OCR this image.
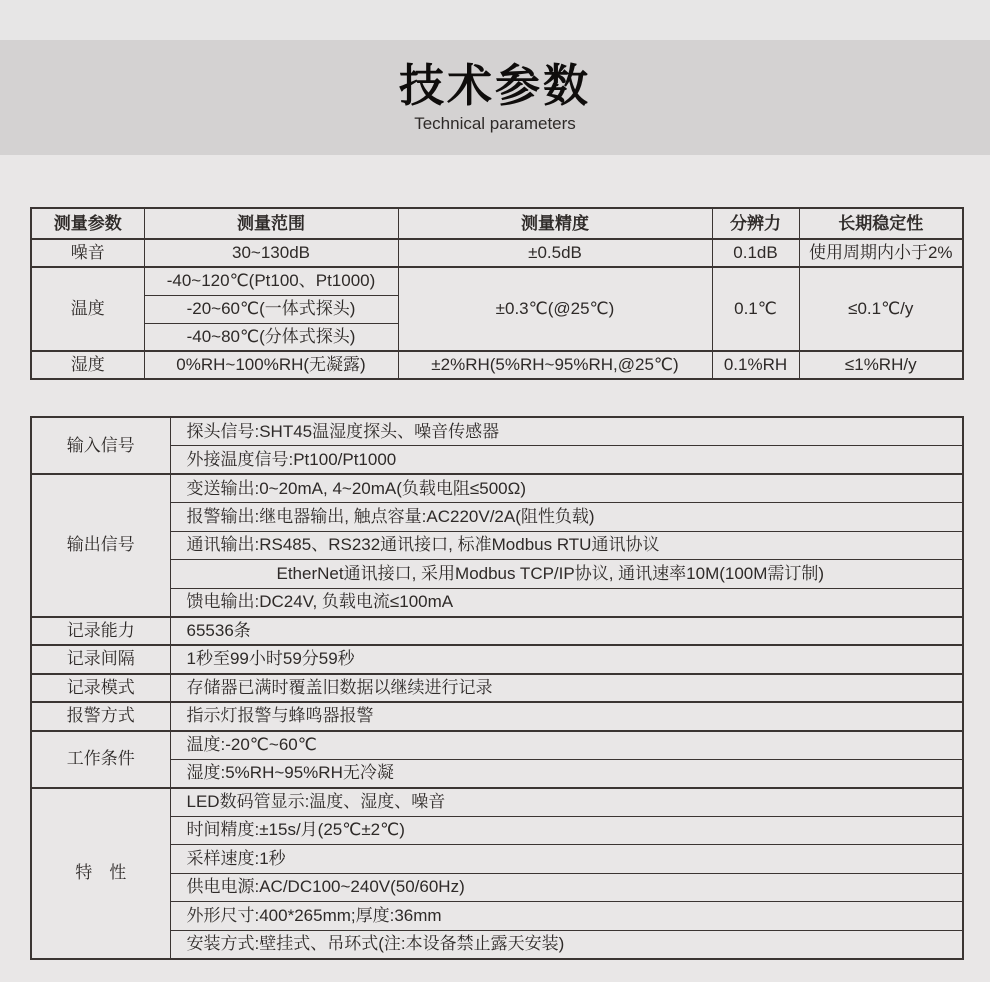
技术参数
Technical parameters
测量参数	测量范围	测量精度	分辨力	长期稳定性
噪音	30~130dB	±0.5dB	0.1dB	使用周期内小于2%
温度	-40~120℃(Pt100、Pt1000)	±0.3℃(@25℃)	0.1℃	≤0.1℃/y
	-20~60℃(一体式探头)			
	-40~80℃(分体式探头)			
湿度	0%RH~100%RH(无凝露)	±2%RH(5%RH~95%RH,@25℃)	0.1%RH	≤1%RH/y
输入信号	探头信号:SHT45温湿度探头、噪音传感器
	外接温度信号:Pt100/Pt1000
输出信号	变送输出:0~20mA, 4~20mA(负载电阻≤500Ω)
	报警输出:继电器输出, 触点容量:AC220V/2A(阻性负载)
	通讯输出:RS485、RS232通讯接口, 标准Modbus RTU通讯协议
	EtherNet通讯接口, 采用Modbus TCP/IP协议, 通讯速率10M(100M需订制)
	馈电输出:DC24V, 负载电流≤100mA
记录能力	65536条
记录间隔	1秒至99小时59分59秒
记录模式	存储器已满时覆盖旧数据以继续进行记录
报警方式	指示灯报警与蜂鸣器报警
工作条件	温度:-20℃~60℃
	湿度:5%RH~95%RH无冷凝
特　性	LED数码管显示:温度、湿度、噪音
	时间精度:±15s/月(25℃±2℃)
	采样速度:1秒
	供电电源:AC/DC100~240V(50/60Hz)
	外形尺寸:400*265mm;厚度:36mm
	安装方式:壁挂式、吊环式(注:本设备禁止露天安装)
